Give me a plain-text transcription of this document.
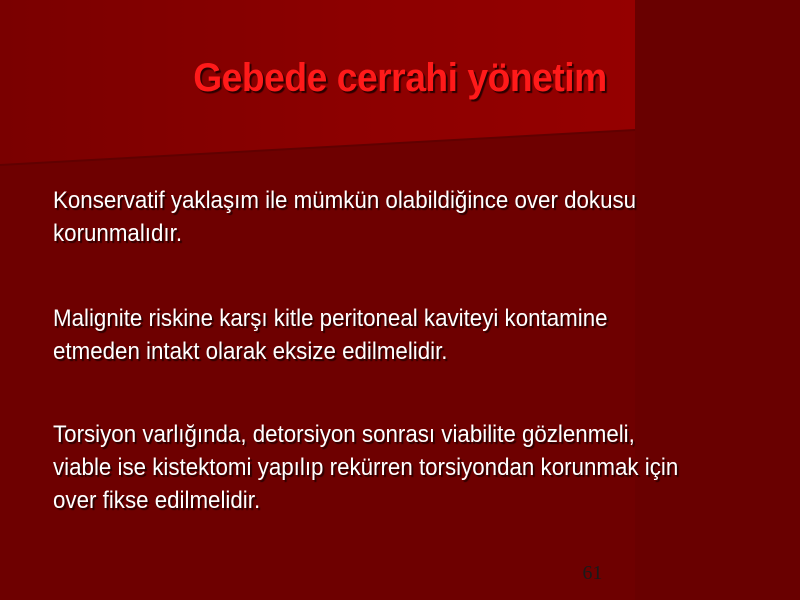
Gebede cerrahi yönetim
Konservatif yaklaşım ile mümkün olabildiğince over dokusu
korunmalıdır.
Malignite riskine karşı kitle peritoneal kaviteyi kontamine
etmeden intakt olarak eksize edilmelidir.
Torsiyon varlığında, detorsiyon sonrası viabilite gözlenmeli,
viable ise kistektomi yapılıp rekürren torsiyondan korunmak için
over fikse edilmelidir.
61
